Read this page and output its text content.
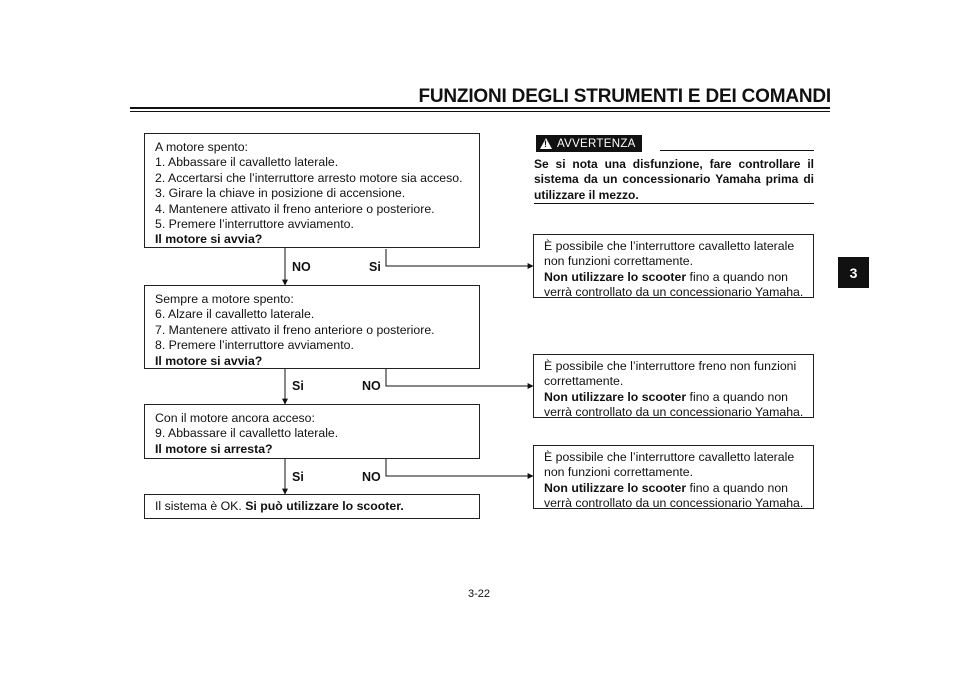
FUNZIONI DEGLI STRUMENTI E DEI COMANDI
3
A motore spento:
1. Abbassare il cavalletto laterale.
2. Accertarsi che l’interruttore arresto motore sia acceso.
3. Girare la chiave in posizione di accensione.
4. Mantenere attivato il freno anteriore o posteriore.
5. Premere l’interruttore avviamento.
Il motore si avvia?
NO	Si
Sempre a motore spento:
6. Alzare il cavalletto laterale.
7. Mantenere attivato il freno anteriore o posteriore.
8. Premere l’interruttore avviamento.
Il motore si avvia?
Si	NO
Con il motore ancora acceso:
9. Abbassare il cavalletto laterale.
Il motore si arresta?
Si	NO
Il sistema è OK. Si può utilizzare lo scooter.
!
AVVERTENZA
Se si nota una disfunzione, fare controllare il sistema da un concessionario Yamaha prima di utilizzare il mezzo.
È possibile che l’interruttore cavalletto laterale
non funzioni correttamente.
Non utilizzare lo scooter fino a quando non
verrà controllato da un concessionario Yamaha.
È possibile che l’interruttore freno non funzioni
correttamente.
Non utilizzare lo scooter fino a quando non
verrà controllato da un concessionario Yamaha.
È possibile che l’interruttore cavalletto laterale
non funzioni correttamente.
Non utilizzare lo scooter fino a quando non
verrà controllato da un concessionario Yamaha.
3-22
